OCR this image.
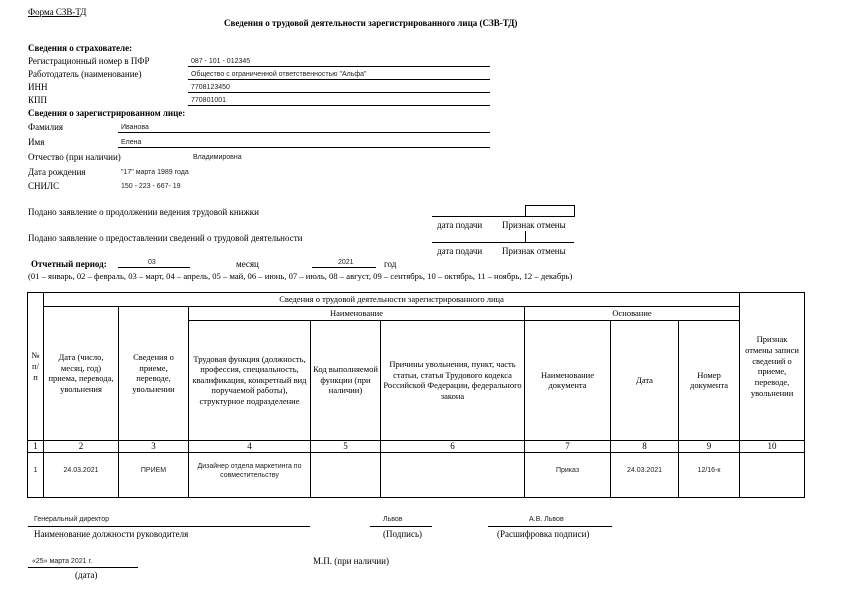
Форма СЗВ-ТД
Сведения о трудовой деятельности зарегистрированного лица (СЗВ-ТД)
Сведения о страхователе:
Регистрационный номер в ПФР	087 - 101 - 012345
Работодатель (наименование)	Общество с ограниченной ответственностью "Альфа"
ИНН	7708123450
КПП	770801001
Сведения о зарегистрированном лице:
Фамилия	Иванова
Имя	Елена
Отчество (при наличии)	Владимировна
Дата рождения	"17" марта 1989 года
СНИЛС	150 - 223 - 667- 19
Подано заявление о продолжении ведения трудовой книжки
дата подачи Признак отмены
Подано заявление о предоставлении сведений о трудовой деятельности
дата подачи Признак отмены
Отчетный период:	03	месяц	2021	год
(01 – январь, 02 – февраль, 03 – март, 04 – апрель, 05 – май, 06 – июнь, 07 – июль, 08 – август, 09 – сентябрь, 10 – октябрь, 11 – ноябрь, 12 – декабрь)
№ п/п	Сведения о трудовой деятельности зарегистрированного лица								Признак отмены записи сведений о приеме, переводе, увольнении
	Дата (число, месяц, год) приема, перевода, увольнения	Сведения о приеме, переводе, увольнении	Наименование			Основание			
			Трудовая функция (должность, профессия, специальность, квалификация, конкретный вид поручаемой работы), структурное подразделение	Код выполняемой функции (при наличии)	Причины увольнения, пункт, часть статьи, статья Трудового кодекса Российской Федерации, федерального закона	Наименование документа	Дата	Номер документа	
1	2	3	4	5	6	7	8	9	10
1	24.03.2021	ПРИЕМ	Дизайнер отдела маркетинга по совместительству			Приказ	24.03.2021	12/16-к	
Генеральный директор
Наименование должности руководителя
Львов
(Подпись)
А.В. Львов
(Расшифровка подписи)
М.П. (при наличии)
«25» марта 2021 г.
(дата)
